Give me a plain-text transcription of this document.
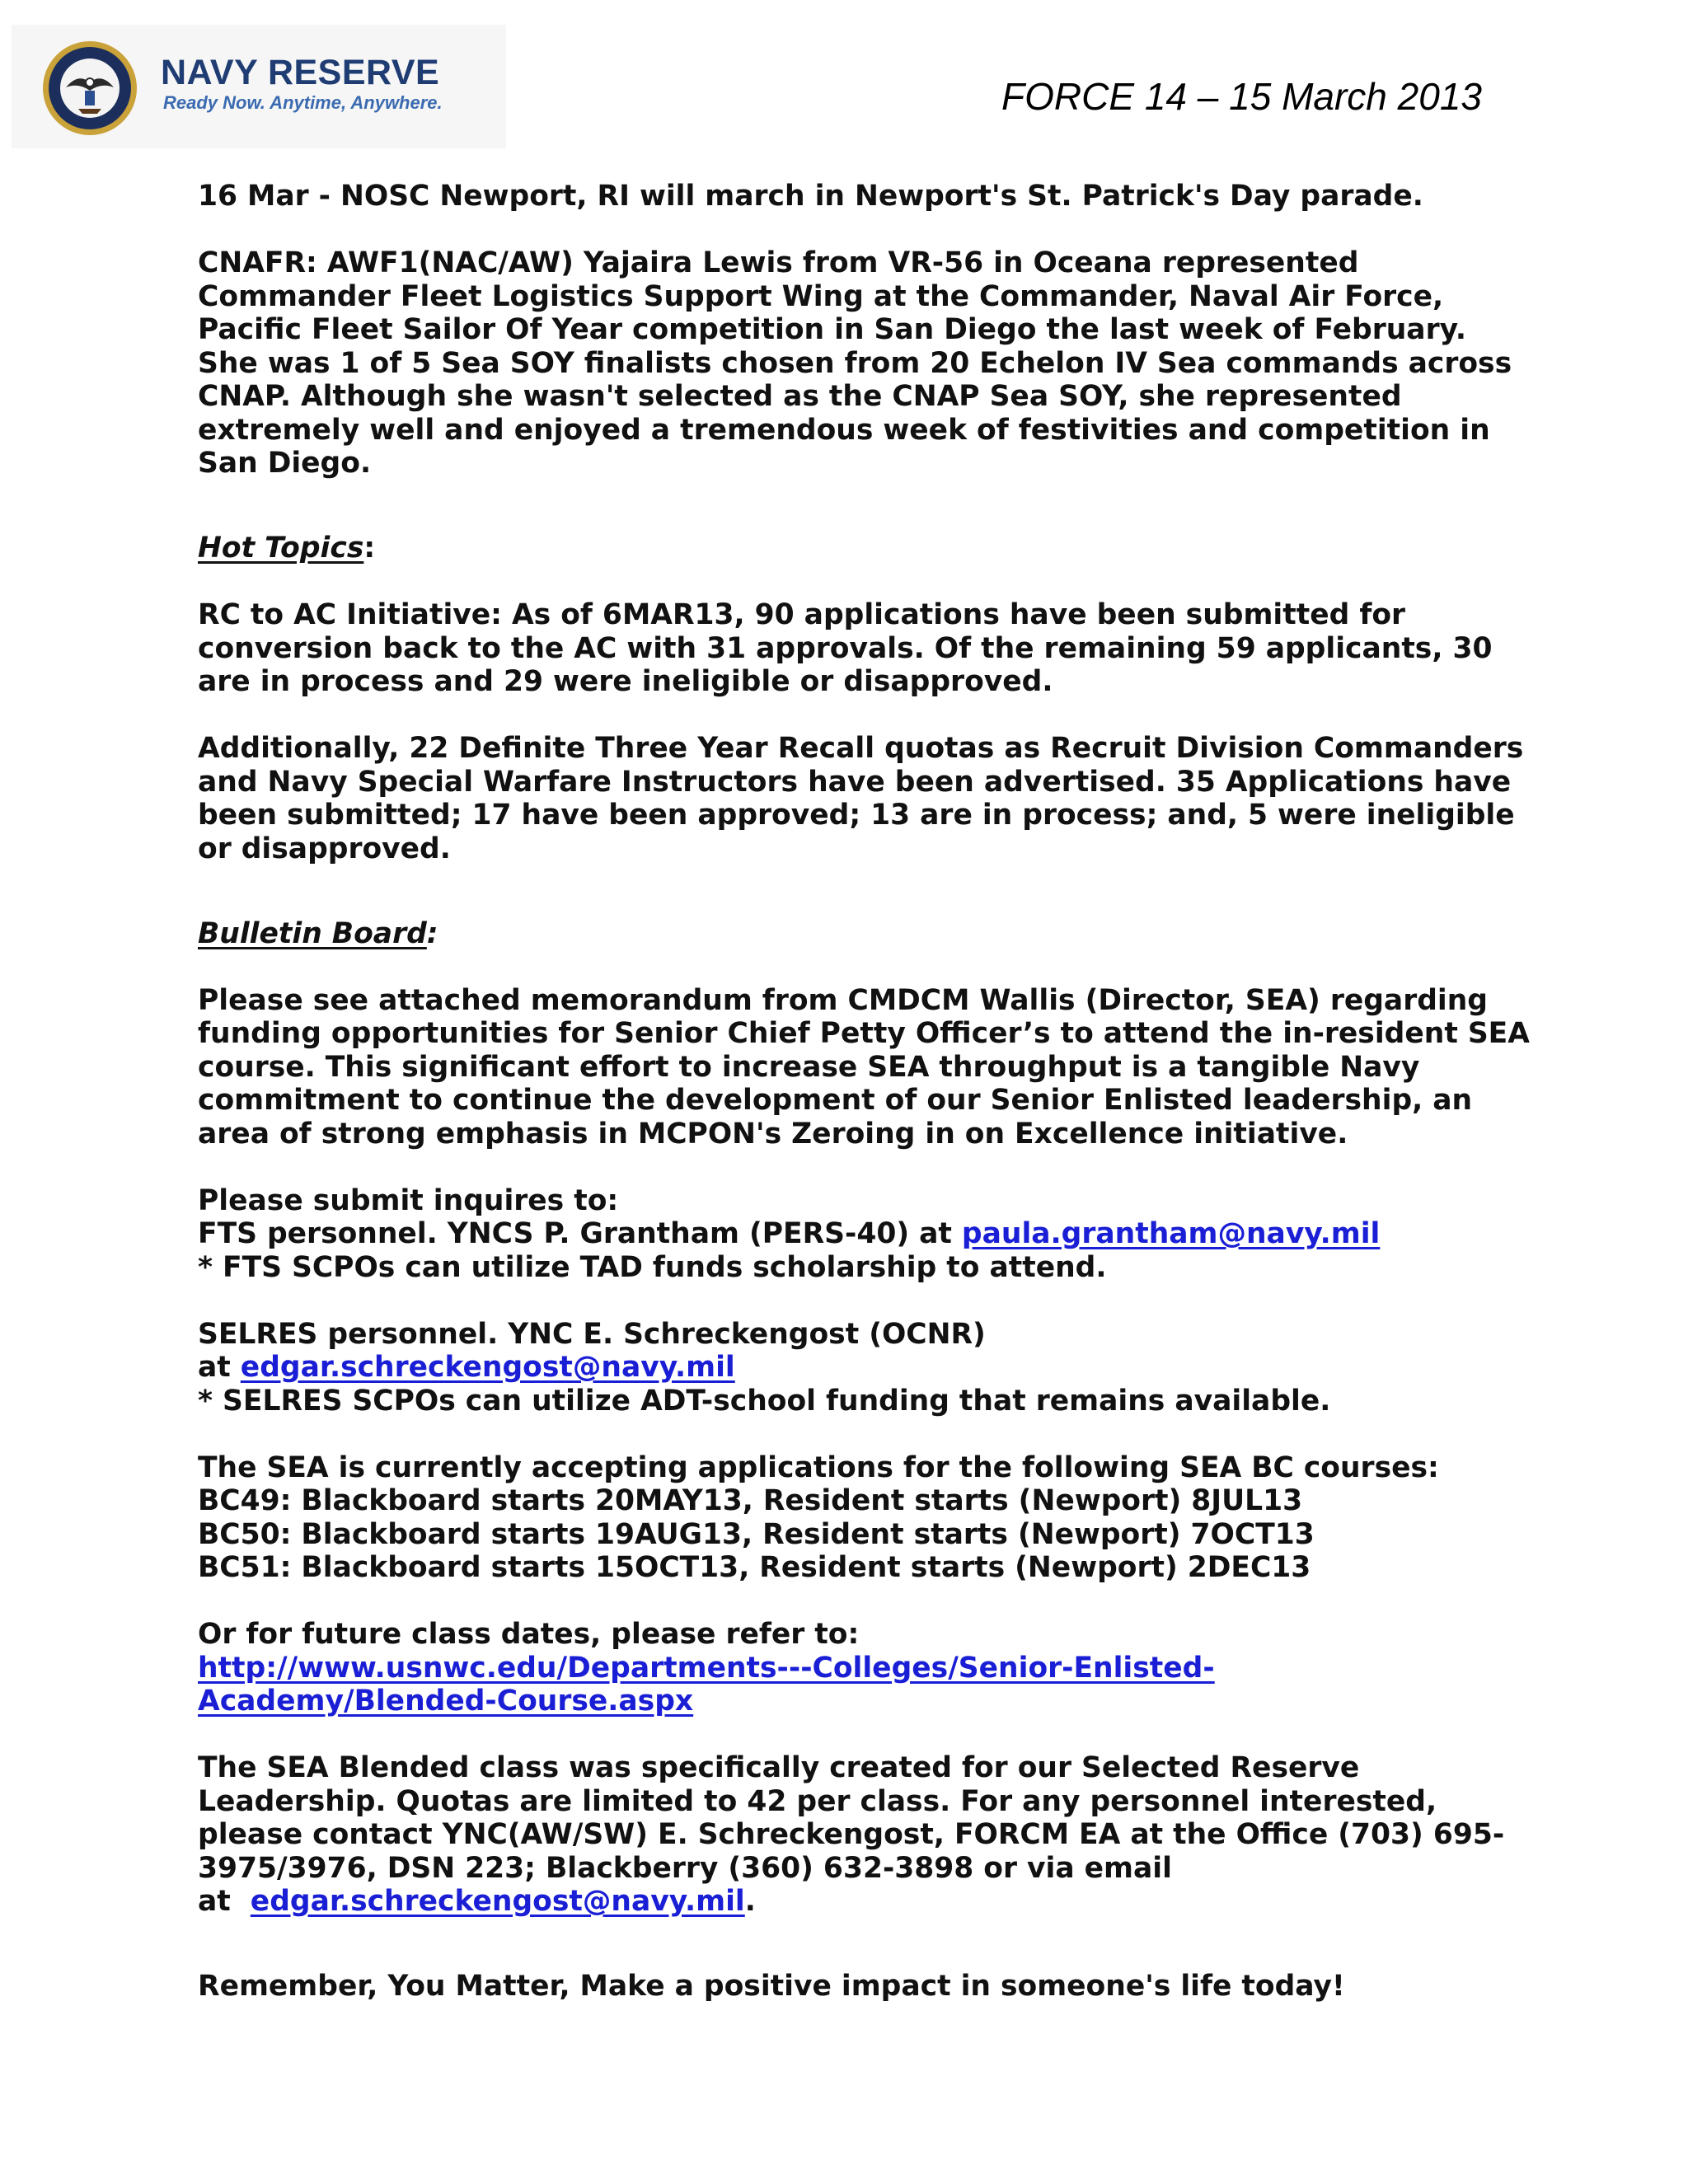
NAVY RESERVE
Ready Now. Anytime, Anywhere.	FORCE 14 – 15 March 2013

16 Mar - NOSC Newport, RI will march in Newport's St. Patrick's Day parade.

CNAFR: AWF1(NAC/AW) Yajaira Lewis from VR-56 in Oceana represented
Commander Fleet Logistics Support Wing at the Commander, Naval Air Force,
Pacific Fleet Sailor Of Year competition in San Diego the last week of February.
She was 1 of 5 Sea SOY finalists chosen from 20 Echelon IV Sea commands across
CNAP. Although she wasn't selected as the CNAP Sea SOY, she represented
extremely well and enjoyed a tremendous week of festivities and competition in
San Diego.

Hot Topics:

RC to AC Initiative: As of 6MAR13, 90 applications have been submitted for
conversion back to the AC with 31 approvals. Of the remaining 59 applicants, 30
are in process and 29 were ineligible or disapproved.

Additionally, 22 Definite Three Year Recall quotas as Recruit Division Commanders
and Navy Special Warfare Instructors have been advertised. 35 Applications have
been submitted; 17 have been approved; 13 are in process; and, 5 were ineligible
or disapproved.

Bulletin Board:

Please see attached memorandum from CMDCM Wallis (Director, SEA) regarding
funding opportunities for Senior Chief Petty Officer’s to attend the in-resident SEA
course. This significant effort to increase SEA throughput is a tangible Navy
commitment to continue the development of our Senior Enlisted leadership, an
area of strong emphasis in MCPON's Zeroing in on Excellence initiative.

Please submit inquires to:
FTS personnel. YNCS P. Grantham (PERS-40) at paula.grantham@navy.mil
* FTS SCPOs can utilize TAD funds scholarship to attend.

SELRES personnel. YNC E. Schreckengost (OCNR)
at edgar.schreckengost@navy.mil
* SELRES SCPOs can utilize ADT-school funding that remains available.

The SEA is currently accepting applications for the following SEA BC courses:
BC49: Blackboard starts 20MAY13, Resident starts (Newport) 8JUL13
BC50: Blackboard starts 19AUG13, Resident starts (Newport) 7OCT13
BC51: Blackboard starts 15OCT13, Resident starts (Newport) 2DEC13

Or for future class dates, please refer to:
http://www.usnwc.edu/Departments---Colleges/Senior-Enlisted-
Academy/Blended-Course.aspx

The SEA Blended class was specifically created for our Selected Reserve
Leadership. Quotas are limited to 42 per class. For any personnel interested,
please contact YNC(AW/SW) E. Schreckengost, FORCM EA at the Office (703) 695-
3975/3976, DSN 223; Blackberry (360) 632-3898 or via email
at  edgar.schreckengost@navy.mil.

Remember, You Matter, Make a positive impact in someone's life today!
